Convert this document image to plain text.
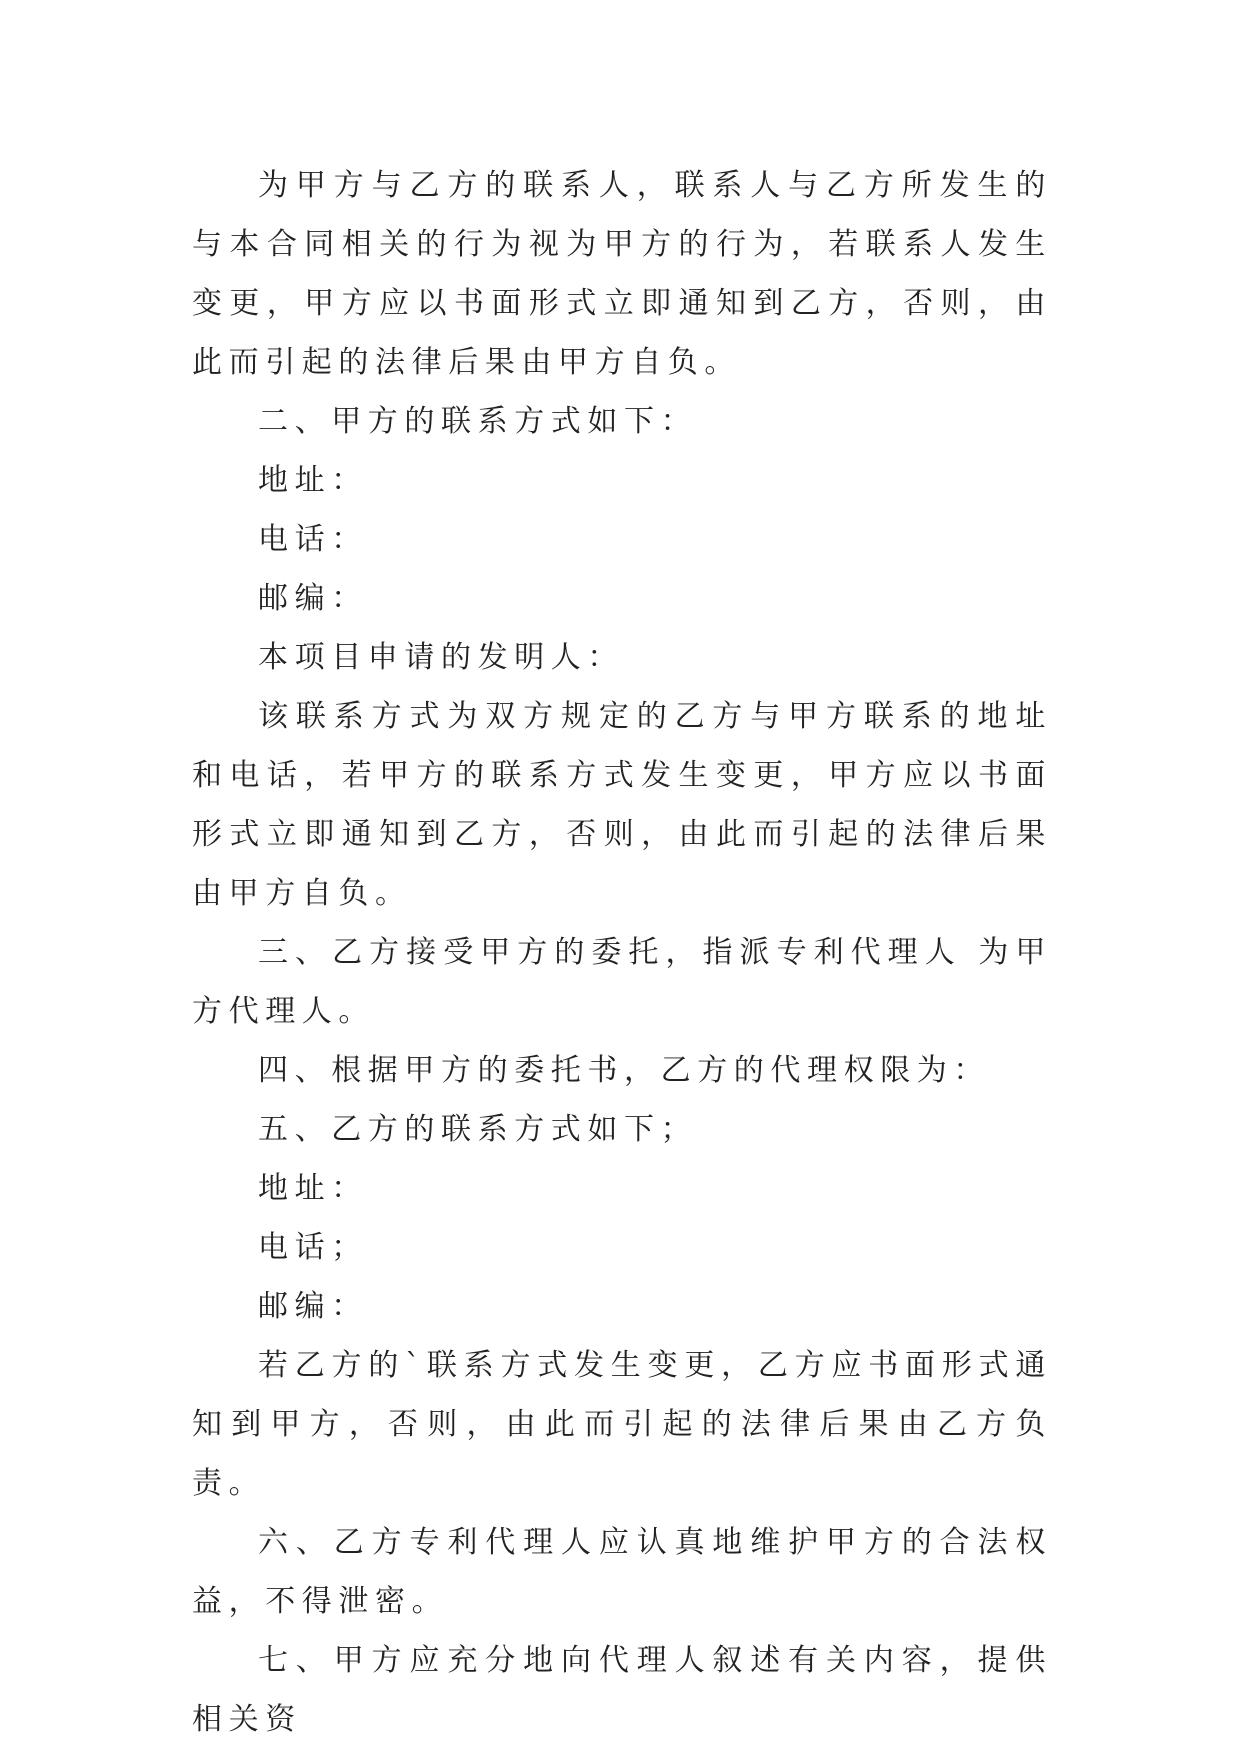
为甲方与乙方的联系人，联系人与乙方所发生的与本合同相关的行为视为甲方的行为，若联系人发生变更，甲方应以书面形式立即通知到乙方，否则，由此而引起的法律后果由甲方自负。

二、甲方的联系方式如下：

地址：

电话：

邮编：

本项目申请的发明人：

该联系方式为双方规定的乙方与甲方联系的地址和电话，若甲方的联系方式发生变更，甲方应以书面形式立即通知到乙方，否则，由此而引起的法律后果由甲方自负。

三、乙方接受甲方的委托，指派专利代理人 为甲方代理人。

四、根据甲方的委托书，乙方的代理权限为：

五、乙方的联系方式如下；

地址：

电话；

邮编：

若乙方的`联系方式发生变更，乙方应书面形式通知到甲方，否则，由此而引起的法律后果由乙方负责。

六、乙方专利代理人应认真地维护甲方的合法权益，不得泄密。

七、甲方应充分地向代理人叙述有关内容，提供相关资
